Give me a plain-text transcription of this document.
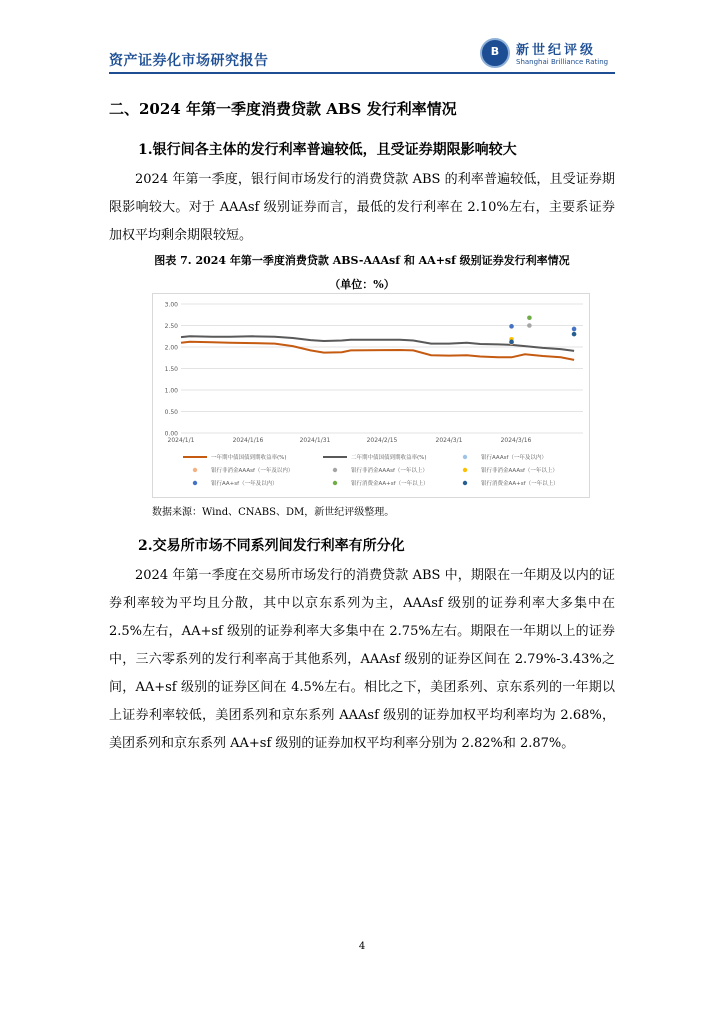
资产证券化市场研究报告
B	新世纪评级
Shanghai Brilliance Rating
二、2024 年第一季度消费贷款 ABS 发行利率情况
1.银行间各主体的发行利率普遍较低，且受证券期限影响较大
2024 年第一季度，银行间市场发行的消费贷款 ABS 的利率普遍较低，且受证券期限影响较大。对于 AAAsf 级别证券而言，最低的发行利率在 2.10%左右，主要系证券加权平均剩余期限较短。
图表 7. 2024 年第一季度消费贷款 ABS-AAAsf 和 AA+sf 级别证券发行利率情况
（单位：%）
0.00
0.50
1.00
1.50
2.00
2.50
3.00
2024/1/1	2024/1/16	2024/1/31	2024/2/15	2024/3/1	2024/3/16
一年期中债国债到期收益率(%)	二年期中债国债到期收益率(%)	银行AAAsf（一年及以内）
银行非消金AAAsf（一年及以内）	银行非消金AAAsf（一年以上）	银行非消金AAAsf（一年以上）
银行AA+sf（一年及以内）	银行消费金AA+sf（一年以上）	银行消费金AA+sf（一年以上）
数据来源：Wind、CNABS、DM，新世纪评级整理。
2.交易所市场不同系列间发行利率有所分化
2024 年第一季度在交易所市场发行的消费贷款 ABS 中，期限在一年期及以内的证券利率较为平均且分散，其中以京东系列为主，AAAsf 级别的证券利率大多集中在 2.5%左右，AA+sf 级别的证券利率大多集中在 2.75%左右。期限在一年期以上的证券中，三六零系列的发行利率高于其他系列，AAAsf 级别的证券区间在 2.79%-3.43%之间，AA+sf 级别的证券区间在 4.5%左右。相比之下，美团系列、京东系列的一年期以上证券利率较低，美团系列和京东系列 AAAsf 级别的证券加权平均利率均为 2.68%，美团系列和京东系列 AA+sf 级别的证券加权平均利率分别为 2.82%和 2.87%。
4
